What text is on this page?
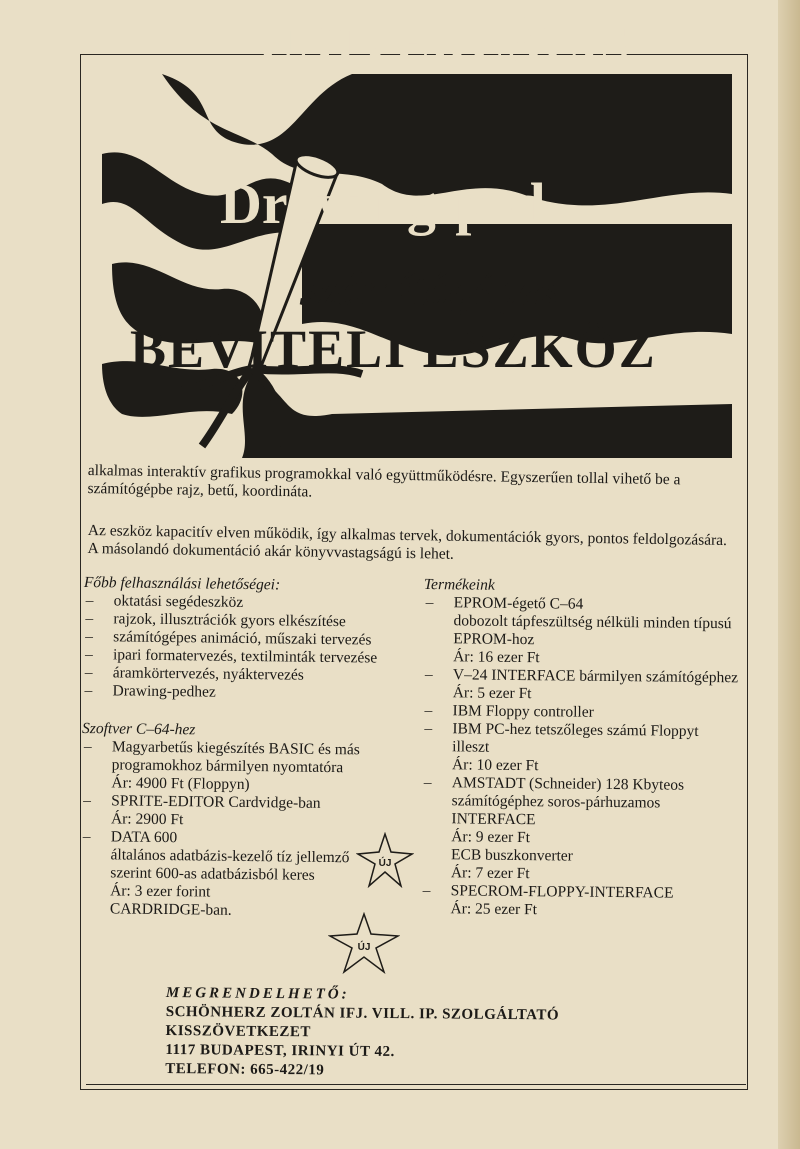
UNIVERZÁLIS
Drawing-ped
számítógépes
BEVITELI ESZKÖZ
alkalmas interaktív grafikus programokkal való együttműködésre. Egyszerűen tollal vihető be a számítógépbe rajz, betű, koordináta.
Az eszköz kapacitív elven működik, így alkalmas tervek, dokumentációk gyors, pontos feldolgozására. A másolandó dokumentáció akár könyvvastagságú is lehet.
Főbb felhasználási lehetőségei:
– oktatási segédeszköz
– rajzok, illusztrációk gyors elkészítése
– számítógépes animáció, műszaki tervezés
– ipari formatervezés, textilminták tervezése
– áramkörtervezés, nyáktervezés
– Drawing-pedhez
Szoftver C–64-hez
– Magyarbetűs kiegészítés BASIC és más programokhoz bármilyen nyomtatóra
Ár: 4900 Ft (Floppyn)
– SPRITE-EDITOR Cardvidge-ban
Ár: 2900 Ft
– DATA 600
általános adatbázis-kezelő tíz jellemző szerint 600-as adatbázisból keres
Ár: 3 ezer forint
CARDRIDGE-ban.
ÚJ
ÚJ
Termékeink
– EPROM-égető C–64
dobozolt tápfeszültség nélküli minden típusú EPROM-hoz
Ár: 16 ezer Ft
– V–24 INTERFACE bármilyen számítógéphez
Ár: 5 ezer Ft
– IBM Floppy controller
– IBM PC-hez tetszőleges számú Floppyt illeszt
Ár: 10 ezer Ft
– AMSTADT (Schneider) 128 Kbyteos számítógéphez soros-párhuzamos INTERFACE
Ár: 9 ezer Ft
ECB buszkonverter
Ár: 7 ezer Ft
– SPECROM-FLOPPY-INTERFACE
Ár: 25 ezer Ft
MEGRENDELHETŐ:
SCHÖNHERZ ZOLTÁN IFJ. VILL. IP. SZOLGÁLTATÓ
KISSZÖVETKEZET
1117 BUDAPEST, IRINYI ÚT 42.
TELEFON: 665-422/19
